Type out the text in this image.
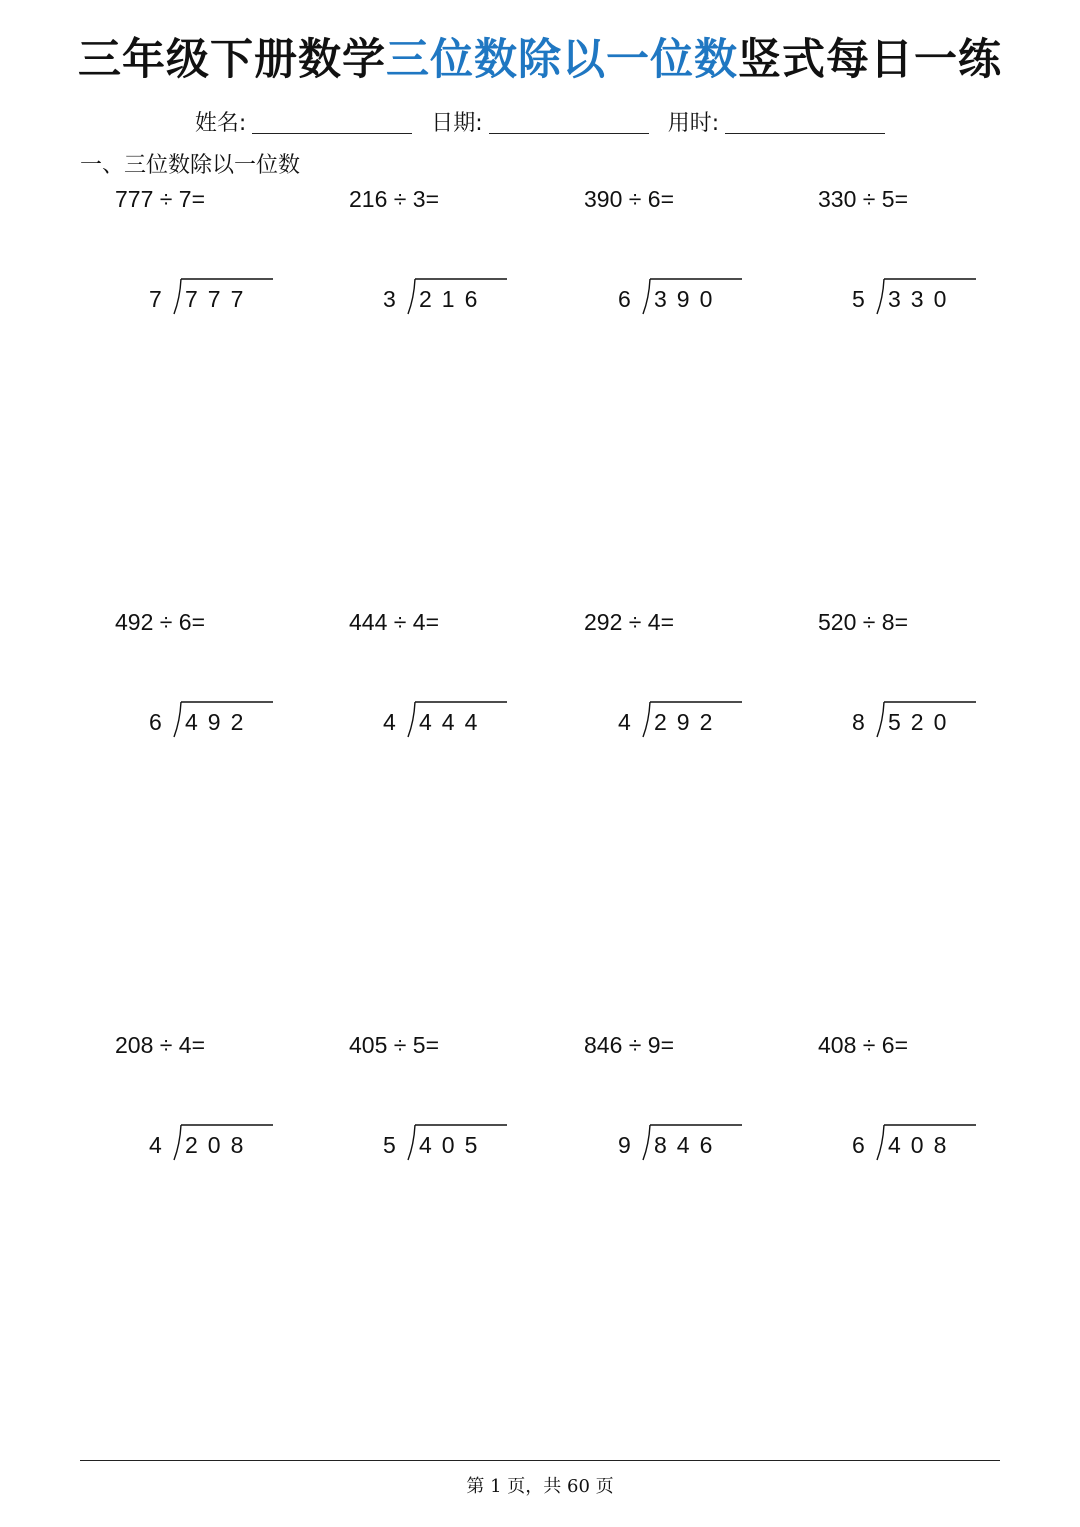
三年级下册数学三位数除以一位数竖式每日一练
姓名:	日期:	用时:
一、三位数除以一位数
777 ÷ 7=
7 777
216 ÷ 3=
3 216
390 ÷ 6=
6 390
330 ÷ 5=
5 330
492 ÷ 6=
6 492
444 ÷ 4=
4 444
292 ÷ 4=
4 292
520 ÷ 8=
8 520
208 ÷ 4=
4 208
405 ÷ 5=
5 405
846 ÷ 9=
9 846
408 ÷ 6=
6 408
第 1 页，共 60 页
